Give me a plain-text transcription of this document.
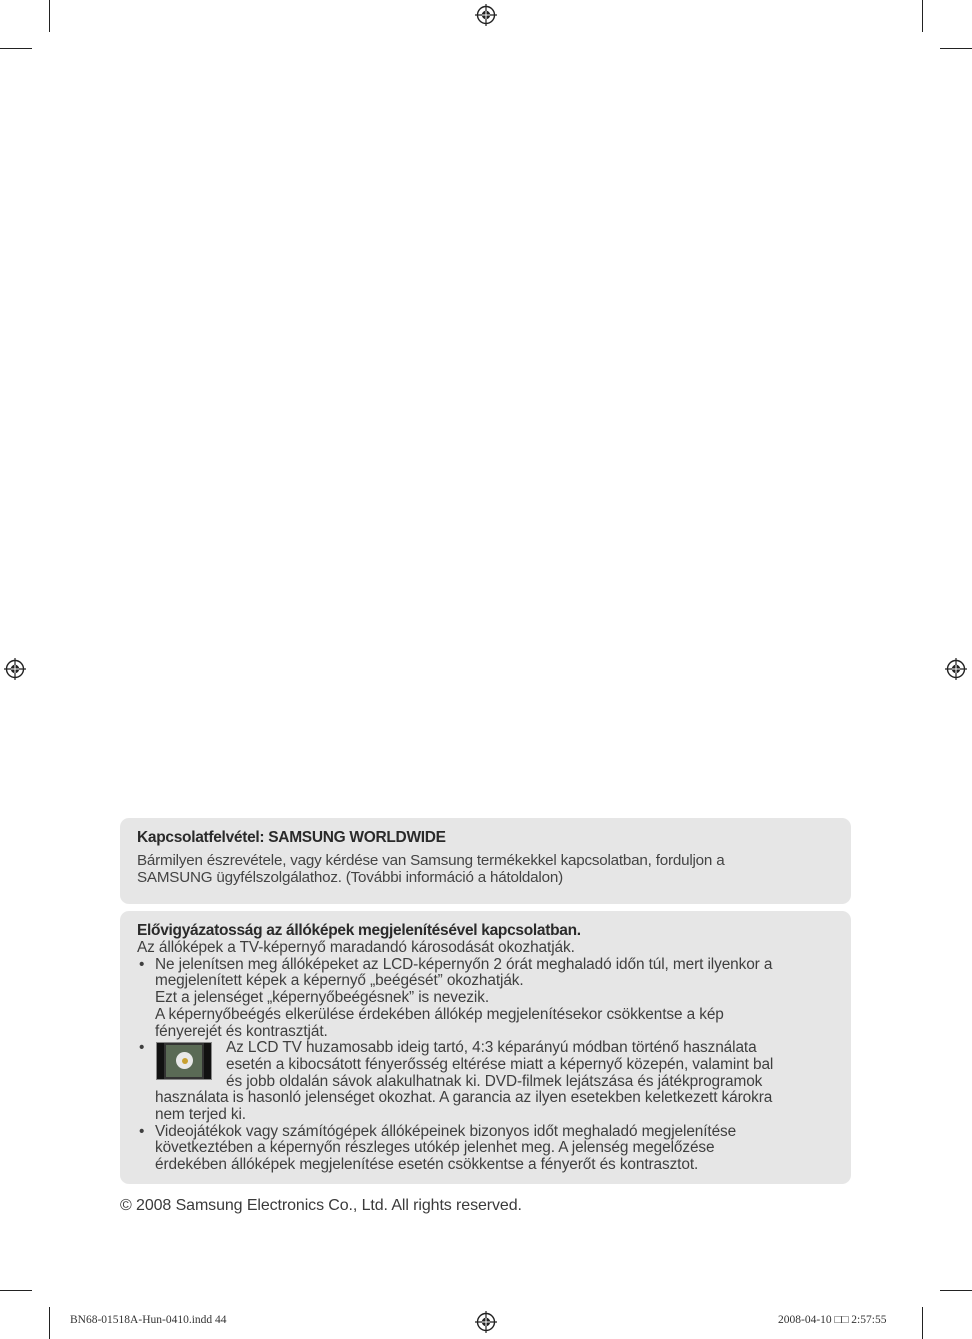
Kapcsolatfelvétel: SAMSUNG WORLDWIDE
Bármilyen észrevétele, vagy kérdése van Samsung termékekkel kapcsolatban, forduljon a
SAMSUNG ügyfélszolgálathoz. (További információ a hátoldalon)
Elővigyázatosság az állóképek megjelenítésével kapcsolatban.
Az állóképek a TV-képernyő maradandó károsodását okozhatják.
• Ne jelenítsen meg állóképeket az LCD-képernyőn 2 órát meghaladó időn túl, mert ilyenkor a
megjelenített képek a képernyő „beégését” okozhatják.
Ezt a jelenséget „képernyőbeégésnek” is nevezik.
A képernyőbeégés elkerülése érdekében állókép megjelenítésekor csökkentse a kép
fényerejét és kontrasztját.
•	Az LCD TV huzamosabb ideig tartó, 4:3 képarányú módban történő használata
esetén a kibocsátott fényerősség eltérése miatt a képernyő közepén, valamint bal
és jobb oldalán sávok alakulhatnak ki. DVD-filmek lejátszása és játékprogramok
használata is hasonló jelenséget okozhat. A garancia az ilyen esetekben keletkezett károkra
nem terjed ki.
• Videojátékok vagy számítógépek állóképeinek bizonyos időt meghaladó megjelenítése
következtében a képernyőn részleges utókép jelenhet meg. A jelenség megelőzése
érdekében állóképek megjelenítése esetén csökkentse a fényerőt és kontrasztot.
© 2008 Samsung Electronics Co., Ltd. All rights reserved.
BN68-01518A-Hun-0410.indd 44	2008-04-10 □□ 2:57:55
